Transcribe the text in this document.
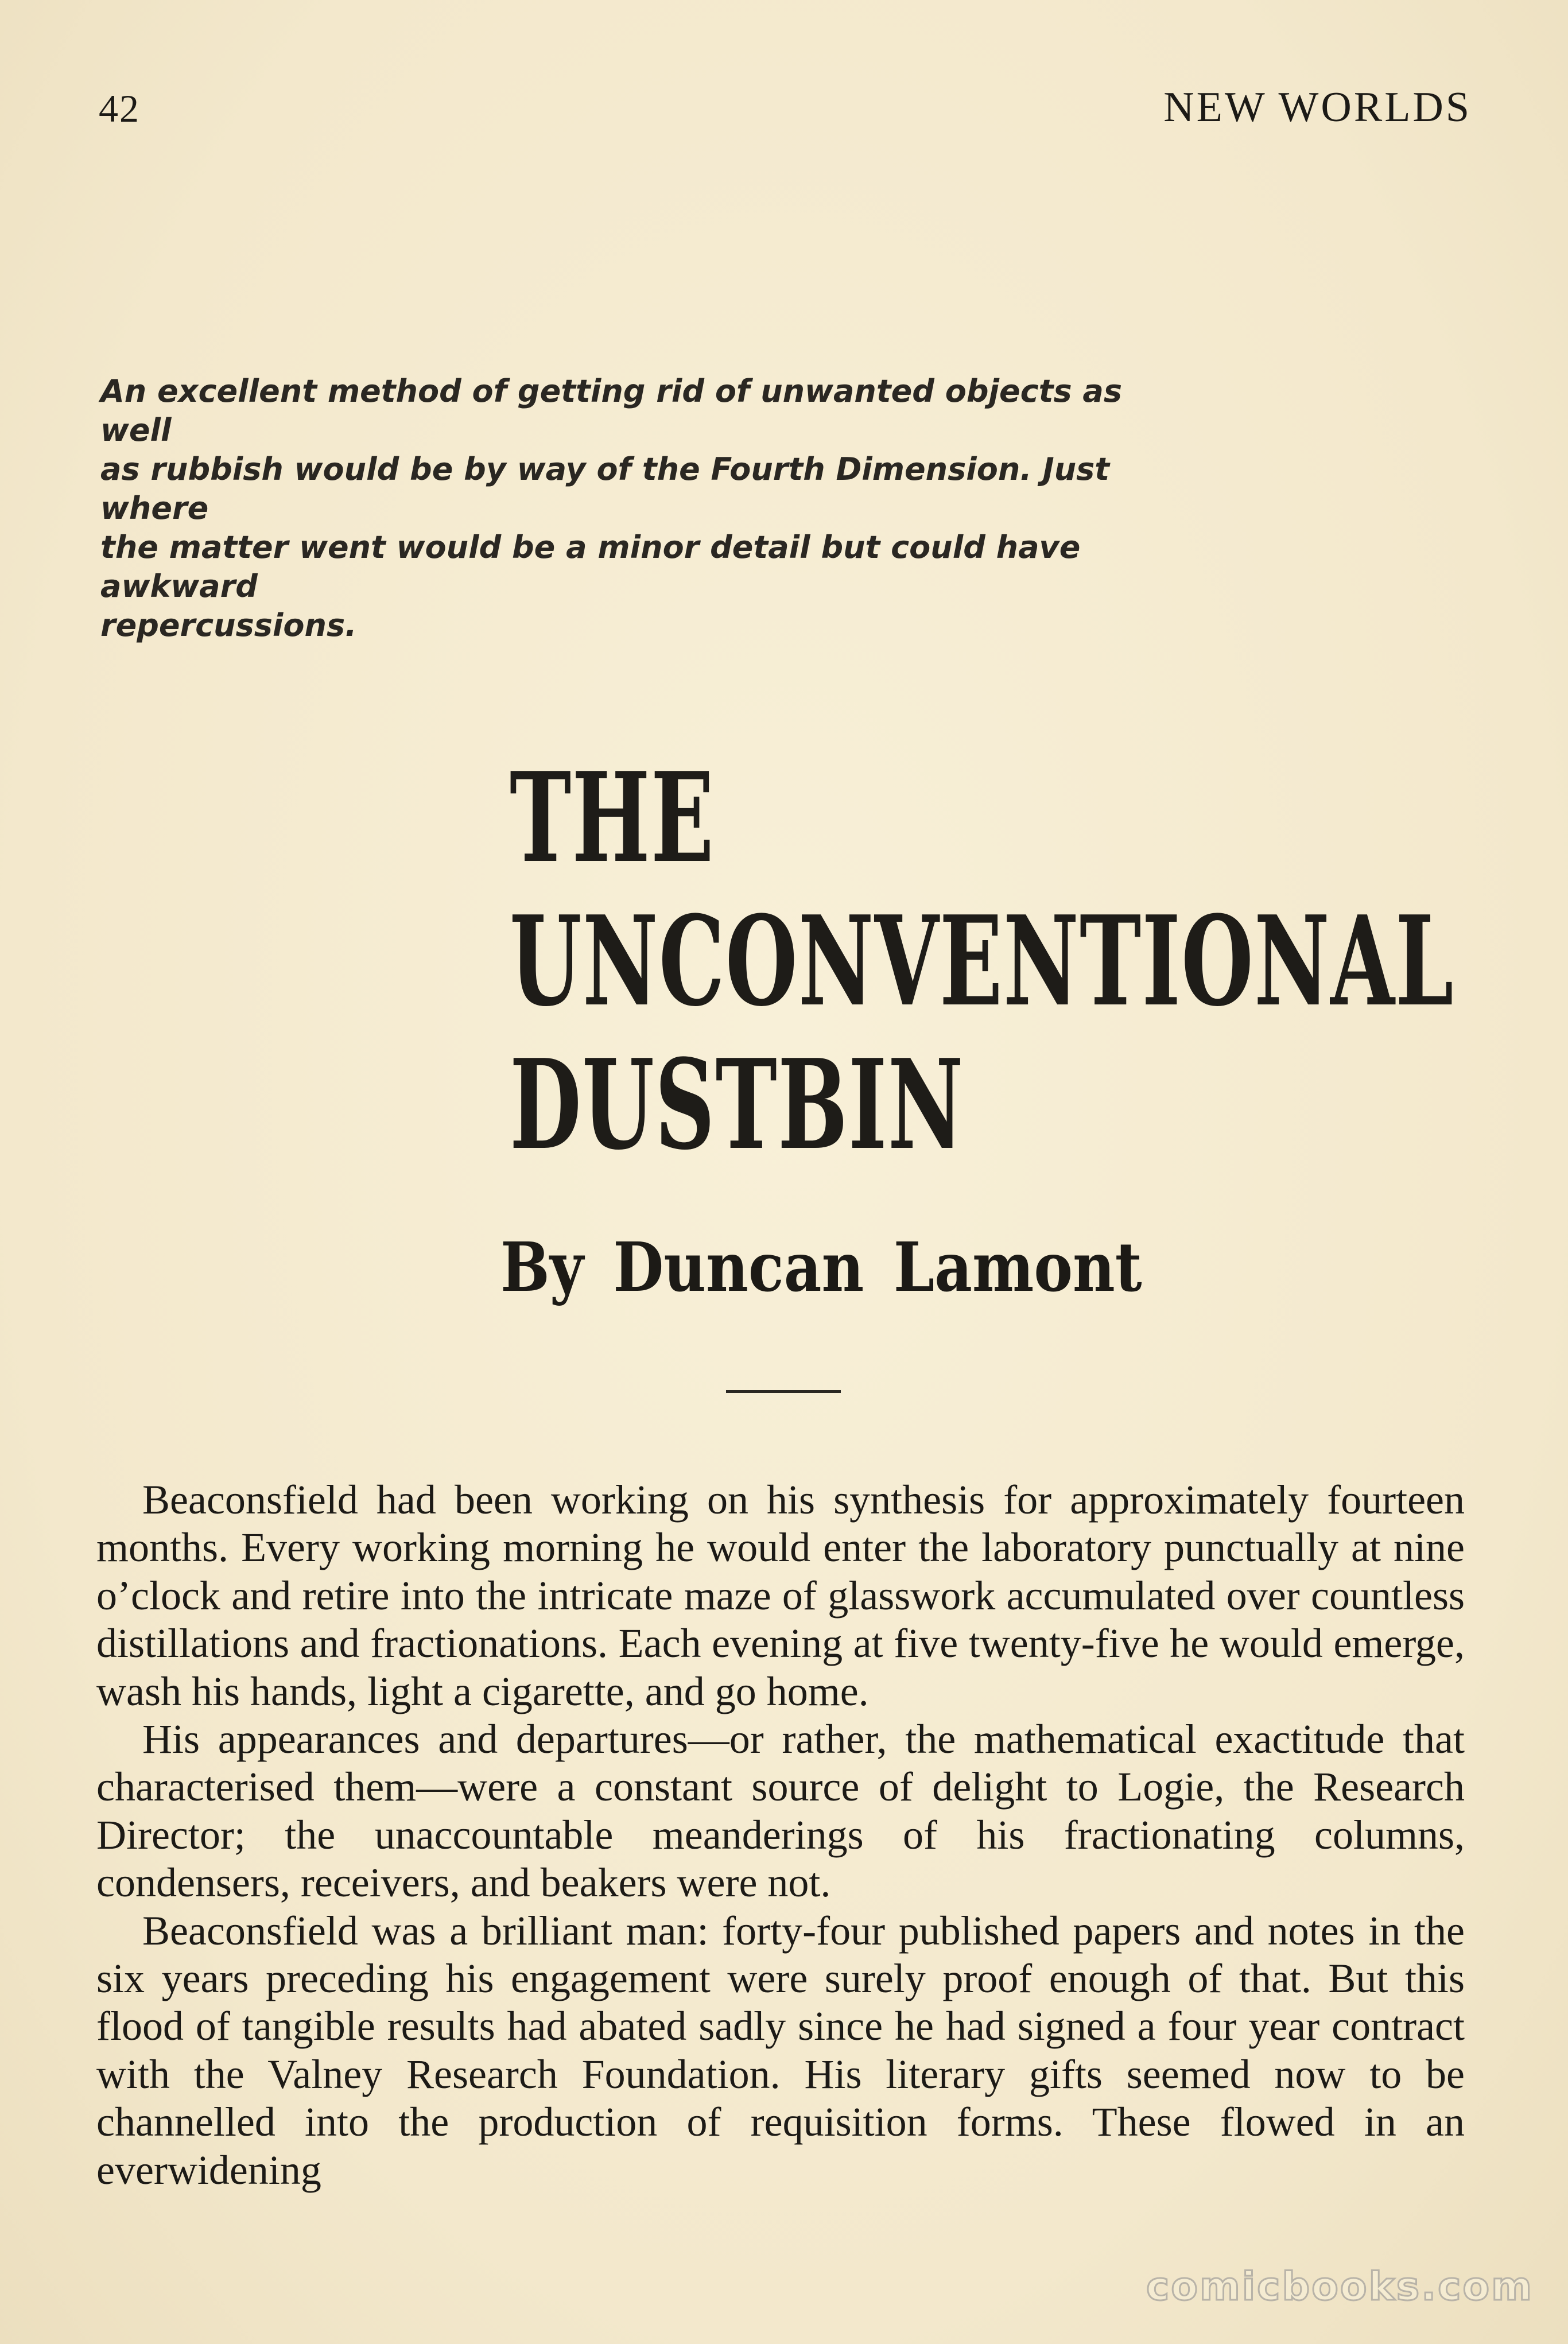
42	NEW WORLDS
An excellent method of getting rid of unwanted objects as well
as rubbish would be by way of the Fourth Dimension. Just where
the matter went would be a minor detail but could have awkward
repercussions.
THE
UNCONVENTIONAL
DUSTBIN
By Duncan Lamont

Beaconsfield had been working on his synthesis for approximately fourteen months. Every working morning he would enter the laboratory punctually at nine o’clock and retire into the intricate maze of glasswork accumulated over countless distillations and fractionations. Each evening at five twenty-five he would emerge, wash his hands, light a cigarette, and go home.

His appearances and departures—or rather, the mathematical exactitude that characterised them—were a constant source of delight to Logie, the Research Director; the unaccountable meanderings of his fractionating columns, condensers, receivers, and beakers were not.

Beaconsfield was a brilliant man: forty-four published papers and notes in the six years preceding his engagement were surely proof enough of that. But this flood of tangible results had abated sadly since he had signed a four year contract with the Valney Research Foundation. His literary gifts seemed now to be channelled into the production of requisition forms. These flowed in an everwidening

comicbooks.com
